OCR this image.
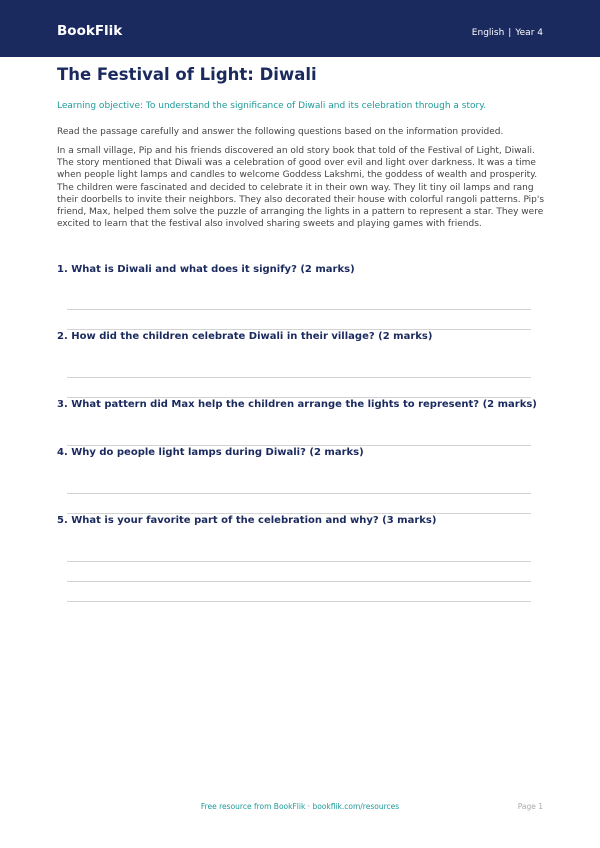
BookFlik	English | Year 4
The Festival of Light: Diwali
Learning objective: To understand the significance of Diwali and its celebration through a story.
Read the passage carefully and answer the following questions based on the information provided.
In a small village, Pip and his friends discovered an old story book that told of the Festival of Light, Diwali. The story mentioned that Diwali was a celebration of good over evil and light over darkness. It was a time when people light lamps and candles to welcome Goddess Lakshmi, the goddess of wealth and prosperity. The children were fascinated and decided to celebrate it in their own way. They lit tiny oil lamps and rang their doorbells to invite their neighbors. They also decorated their house with colorful rangoli patterns. Pip's friend, Max, helped them solve the puzzle of arranging the lights in a pattern to represent a star. They were excited to learn that the festival also involved sharing sweets and playing games with friends.
1. What is Diwali and what does it signify? (2 marks)
2. How did the children celebrate Diwali in their village? (2 marks)
3. What pattern did Max help the children arrange the lights to represent? (2 marks)
4. Why do people light lamps during Diwali? (2 marks)
5. What is your favorite part of the celebration and why? (3 marks)
Free resource from BookFlik · bookflik.com/resources	Page 1
